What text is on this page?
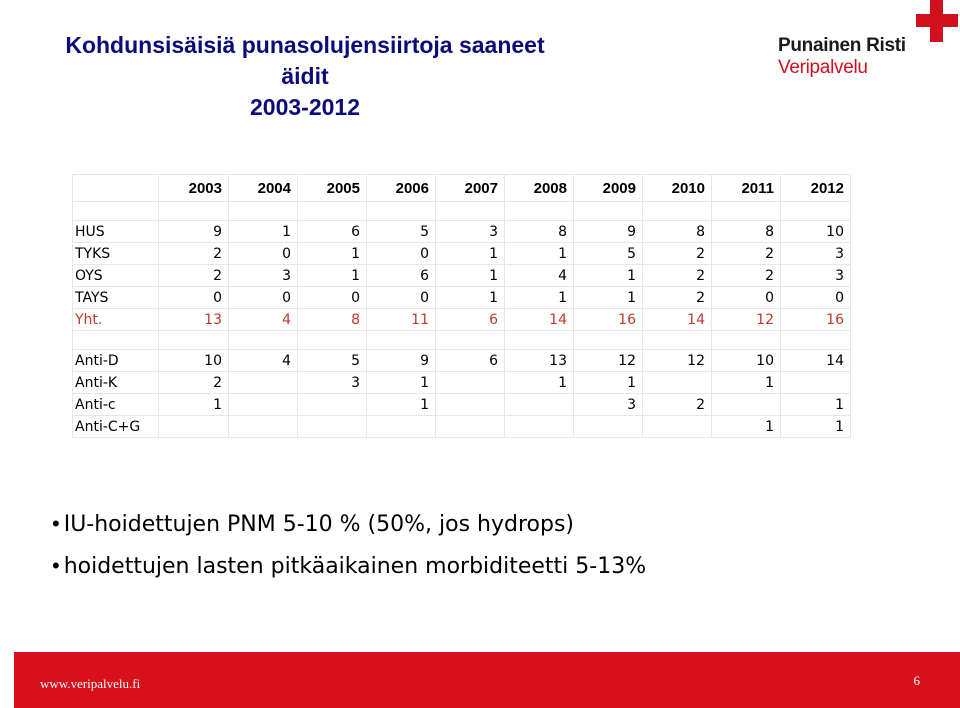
Kohdunsisäisiä punasolujensiirtoja saaneet äidit
2003-2012
Punainen Risti
Veripalvelu
	2003	2004	2005	2006	2007	2008	2009	2010	2011	2012

HUS	9	1	6	5	3	8	9	8	8	10
TYKS	2	0	1	0	1	1	5	2	2	3
OYS	2	3	1	6	1	4	1	2	2	3
TAYS	0	0	0	0	1	1	1	2	0	0
Yht.	13	4	8	11	6	14	16	14	12	16

Anti-D	10	4	5	9	6	13	12	12	10	14
Anti-K	2		3	1		1	1		1	
Anti-c	1			1			3	2		1
Anti-C+G									1	1
• IU-hoidettujen PNM 5-10 % (50%, jos hydrops)
• hoidettujen lasten pitkäaikainen morbiditeetti 5-13%
www.veripalvelu.fi	6
